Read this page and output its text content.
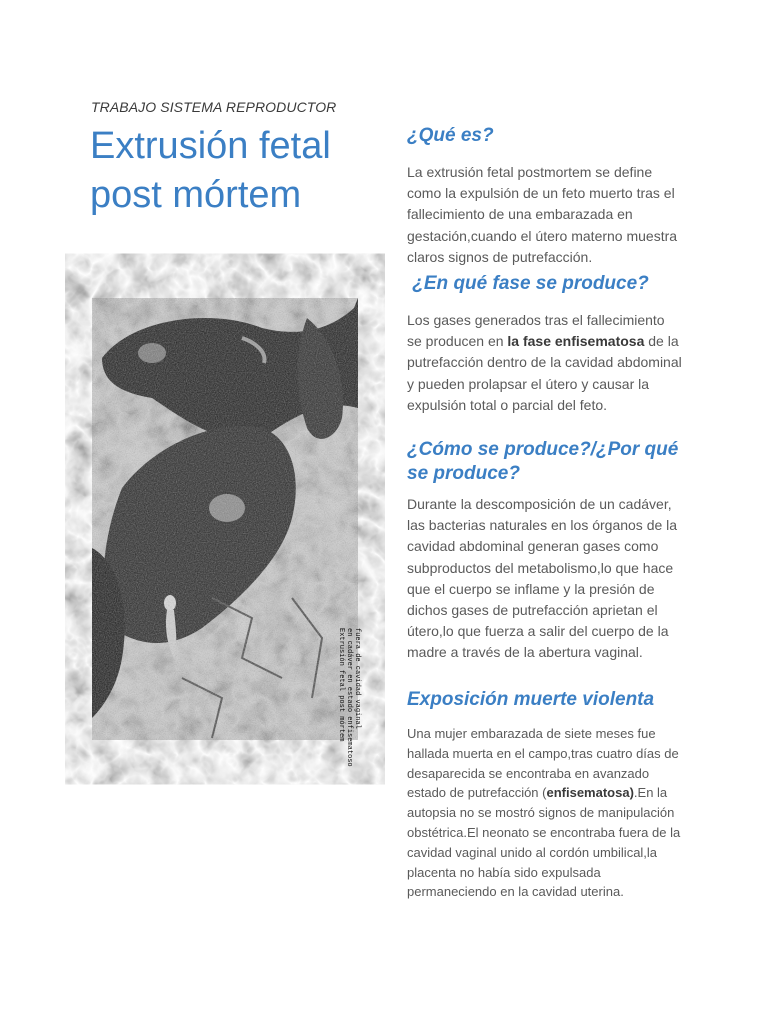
TRABAJO SISTEMA REPRODUCTOR
Extrusión fetal post mórtem
Extrusión fetal post mórtem en cadáver en estado enfisematoso fuera de cavidad vaginal
¿Qué es?

La extrusión fetal postmortem se define como la expulsión de un feto muerto tras el fallecimiento de una embarazada en gestación,cuando el útero materno muestra claros signos de putrefacción.

¿En qué fase se produce?

Los gases generados tras el fallecimiento se producen en la fase enfisematosa de la putrefacción dentro de la cavidad abdominal y pueden prolapsar el útero y causar la expulsión total o parcial del feto.

¿Cómo se produce?/¿Por qué se produce?

Durante la descomposición de un cadáver, las bacterias naturales en los órganos de la cavidad abdominal generan gases como subproductos del metabolismo,lo que hace que el cuerpo se inflame y la presión de dichos gases de putrefacción aprietan el útero,lo que fuerza a salir del cuerpo de la madre a través de la abertura vaginal.

Exposición muerte violenta

Una mujer embarazada de siete meses fue hallada muerta en el campo,tras cuatro días de desaparecida se encontraba en avanzado estado de putrefacción (enfisematosa).En la autopsia no se mostró signos de manipulación obstétrica.El neonato se encontraba fuera de la cavidad vaginal unido al cordón umbilical,la placenta no había sido expulsada permaneciendo en la cavidad uterina.
